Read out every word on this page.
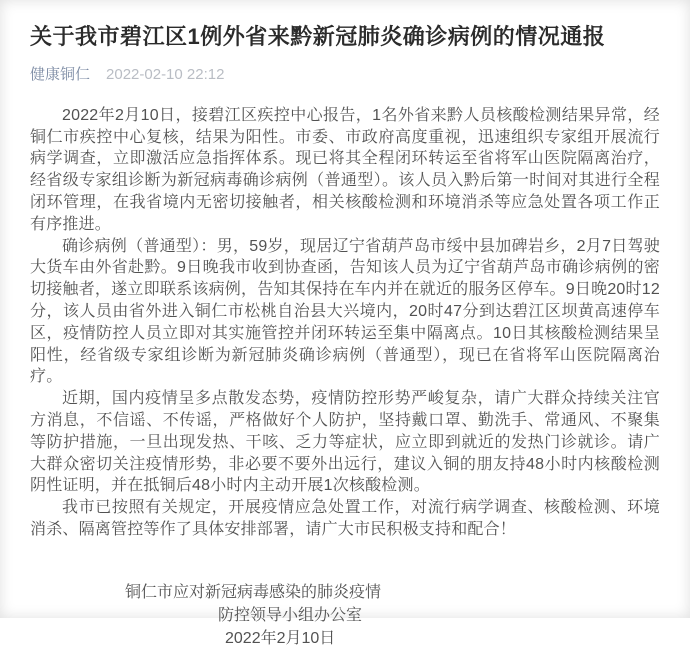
关于我市碧江区1例外省来黔新冠肺炎确诊病例的情况通报
健康铜仁 2022-02-10 22:12

2022年2月10日，接碧江区疾控中心报告，1名外省来黔人员核酸检测结果异常，经铜仁市疾控中心复核，结果为阳性。市委、市政府高度重视，迅速组织专家组开展流行病学调查，立即激活应急指挥体系。现已将其全程闭环转运至省将军山医院隔离治疗，经省级专家组诊断为新冠病毒确诊病例（普通型）。该人员入黔后第一时间对其进行全程闭环管理，在我省境内无密切接触者，相关核酸检测和环境消杀等应急处置各项工作正有序推进。

确诊病例（普通型）：男，59岁，现居辽宁省葫芦岛市绥中县加碑岩乡，2月7日驾驶大货车由外省赴黔。9日晚我市收到协查函，告知该人员为辽宁省葫芦岛市确诊病例的密切接触者，遂立即联系该病例，告知其保持在车内并在就近的服务区停车。9日晚20时12分，该人员由省外进入铜仁市松桃自治县大兴境内，20时47分到达碧江区坝黄高速停车区，疫情防控人员立即对其实施管控并闭环转运至集中隔离点。10日其核酸检测结果呈阳性，经省级专家组诊断为新冠肺炎确诊病例（普通型），现已在省将军山医院隔离治疗。

近期，国内疫情呈多点散发态势，疫情防控形势严峻复杂，请广大群众持续关注官方消息，不信谣、不传谣，严格做好个人防护，坚持戴口罩、勤洗手、常通风、不聚集等防护措施，一旦出现发热、干咳、乏力等症状，应立即到就近的发热门诊就诊。请广大群众密切关注疫情形势，非必要不要外出远行，建议入铜的朋友持48小时内核酸检测阴性证明，并在抵铜后48小时内主动开展1次核酸检测。

我市已按照有关规定，开展疫情应急处置工作，对流行病学调查、核酸检测、环境消杀、隔离管控等作了具体安排部署，请广大市民积极支持和配合！

铜仁市应对新冠病毒感染的肺炎疫情
防控领导小组办公室
2022年2月10日
